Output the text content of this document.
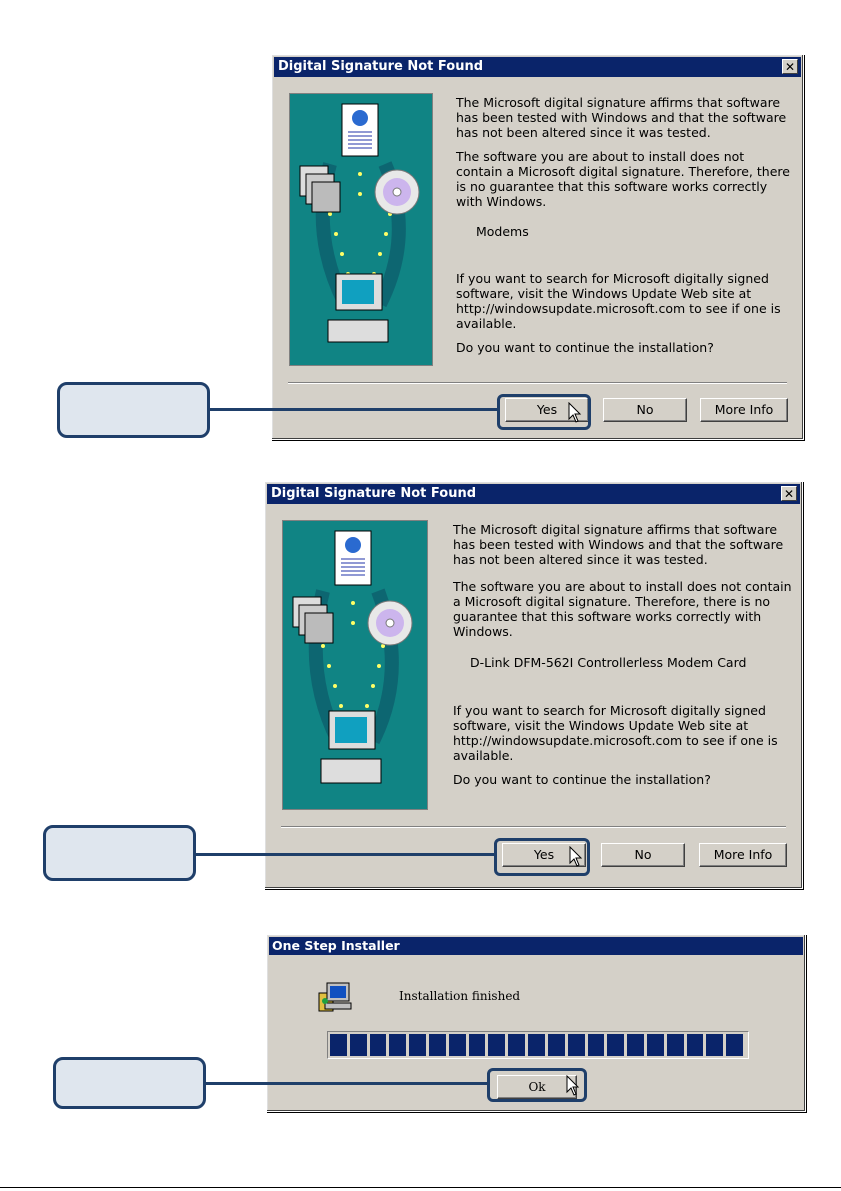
Digital Signature Not Found	✕

The Microsoft digital signature affirms that software has been tested with Windows and that the software has not been altered since it was tested.

The software you are about to install does not contain a Microsoft digital signature. Therefore, there is no guarantee that this software works correctly with Windows.

Modems

If you want to search for Microsoft digitally signed software, visit the Windows Update Web site at http://windowsupdate.microsoft.com to see if one is available.

Do you want to continue the installation?

Yes	No	More Info
Digital Signature Not Found	✕

The Microsoft digital signature affirms that software has been tested with Windows and that the software has not been altered since it was tested.

The software you are about to install does not contain a Microsoft digital signature. Therefore, there is no guarantee that this software works correctly with Windows.

D-Link DFM-562I Controllerless Modem Card

If you want to search for Microsoft digitally signed software, visit the Windows Update Web site at http://windowsupdate.microsoft.com to see if one is available.

Do you want to continue the installation?

Yes	No	More Info
One Step Installer
Installation finished
Ok
